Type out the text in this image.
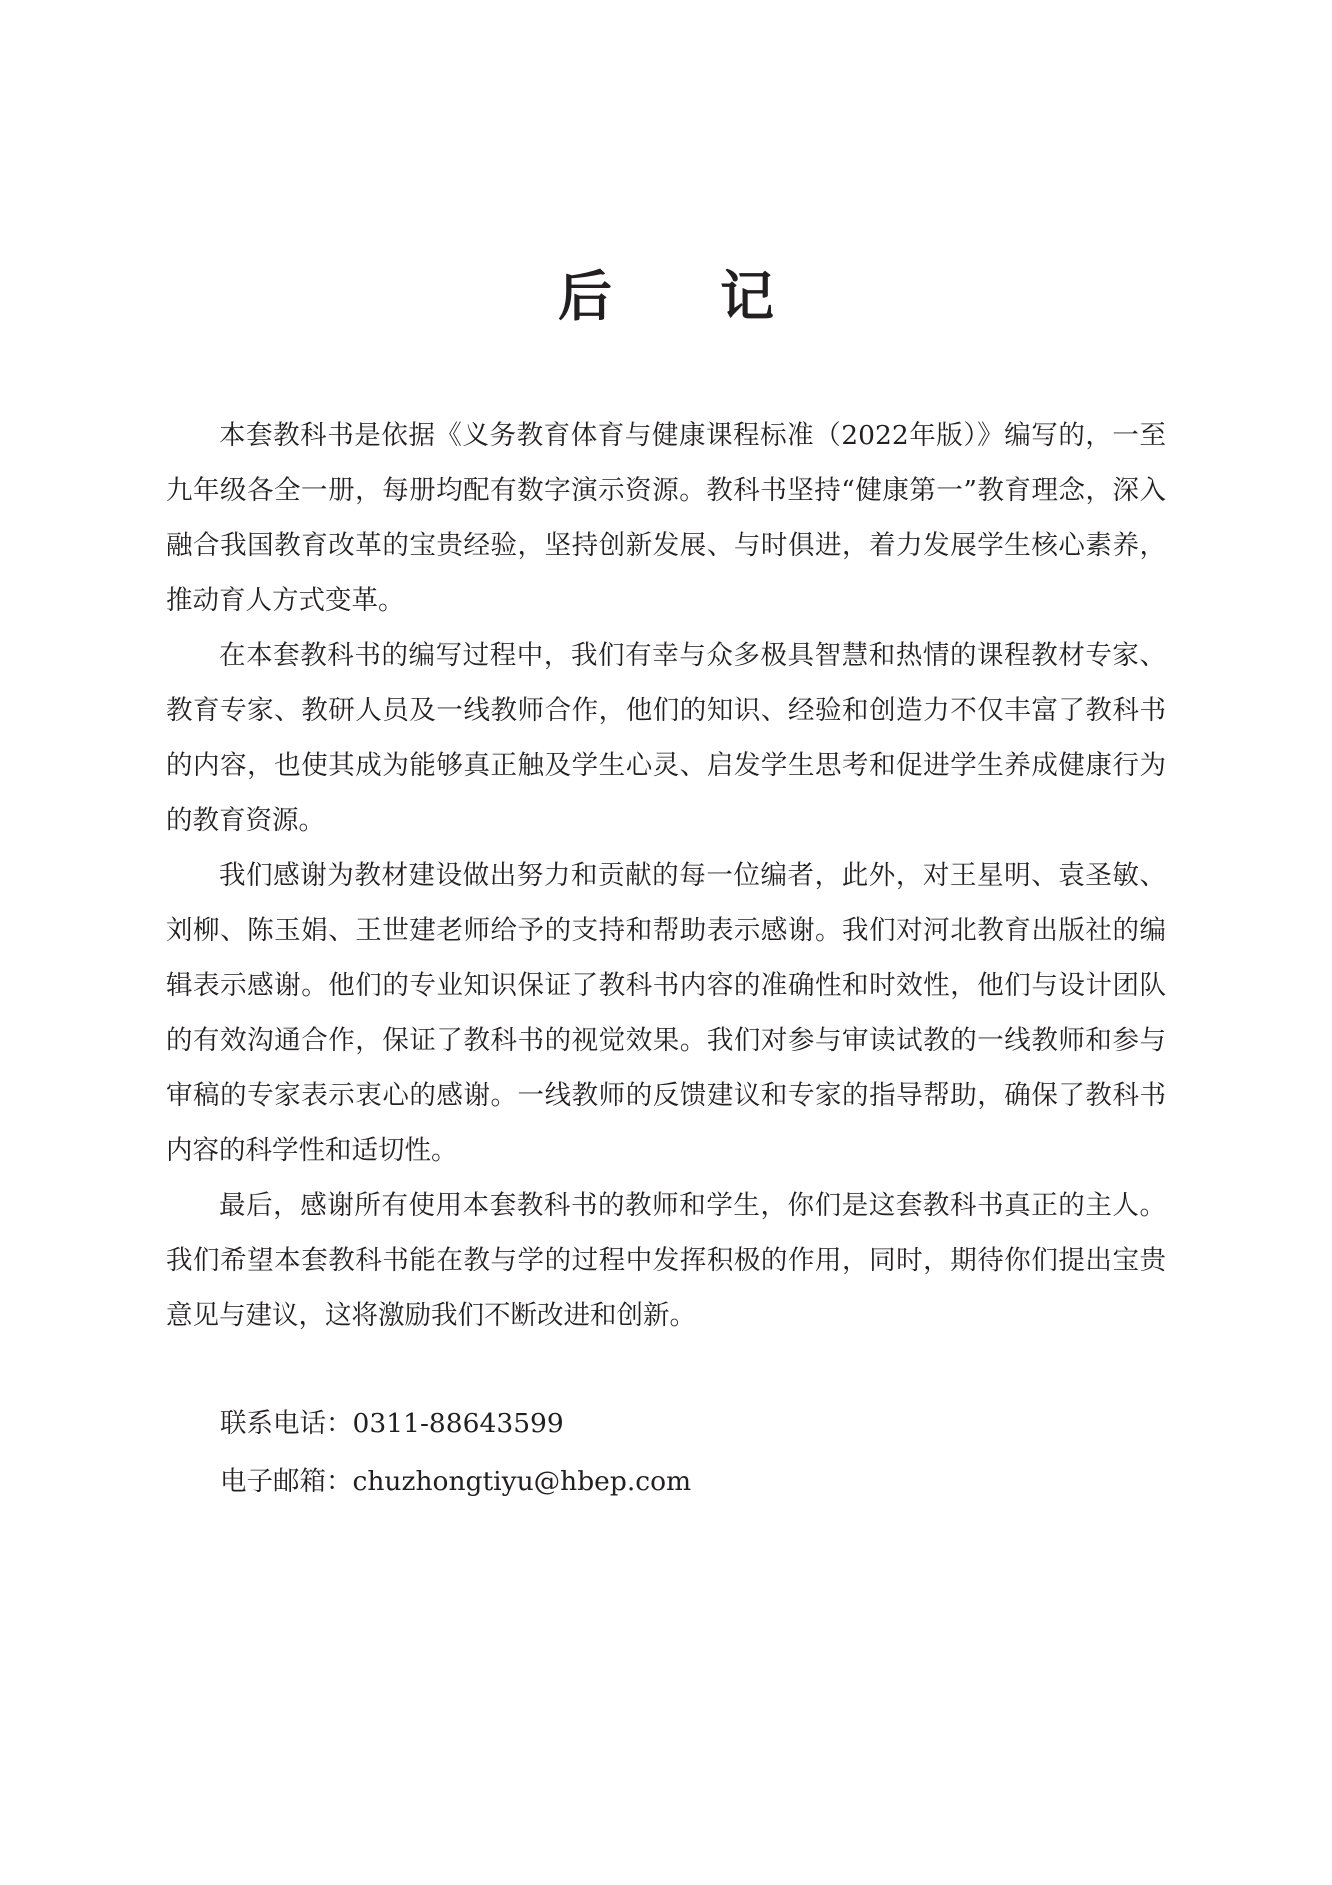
后记

本套教科书是依据《义务教育体育与健康课程标准（2022年版）》编写的，一至九年级各全一册，每册均配有数字演示资源。教科书坚持“健康第一”教育理念，深入融合我国教育改革的宝贵经验，坚持创新发展、与时俱进，着力发展学生核心素养，推动育人方式变革。

在本套教科书的编写过程中，我们有幸与众多极具智慧和热情的课程教材专家、教育专家、教研人员及一线教师合作，他们的知识、经验和创造力不仅丰富了教科书的内容，也使其成为能够真正触及学生心灵、启发学生思考和促进学生养成健康行为的教育资源。

我们感谢为教材建设做出努力和贡献的每一位编者，此外，对王星明、袁圣敏、刘柳、陈玉娟、王世建老师给予的支持和帮助表示感谢。我们对河北教育出版社的编辑表示感谢。他们的专业知识保证了教科书内容的准确性和时效性，他们与设计团队的有效沟通合作，保证了教科书的视觉效果。我们对参与审读试教的一线教师和参与审稿的专家表示衷心的感谢。一线教师的反馈建议和专家的指导帮助，确保了教科书内容的科学性和适切性。

最后，感谢所有使用本套教科书的教师和学生，你们是这套教科书真正的主人。我们希望本套教科书能在教与学的过程中发挥积极的作用，同时，期待你们提出宝贵意见与建议，这将激励我们不断改进和创新。

联系电话：0311-88643599
电子邮箱：chuzhongtiyu@hbep.com
